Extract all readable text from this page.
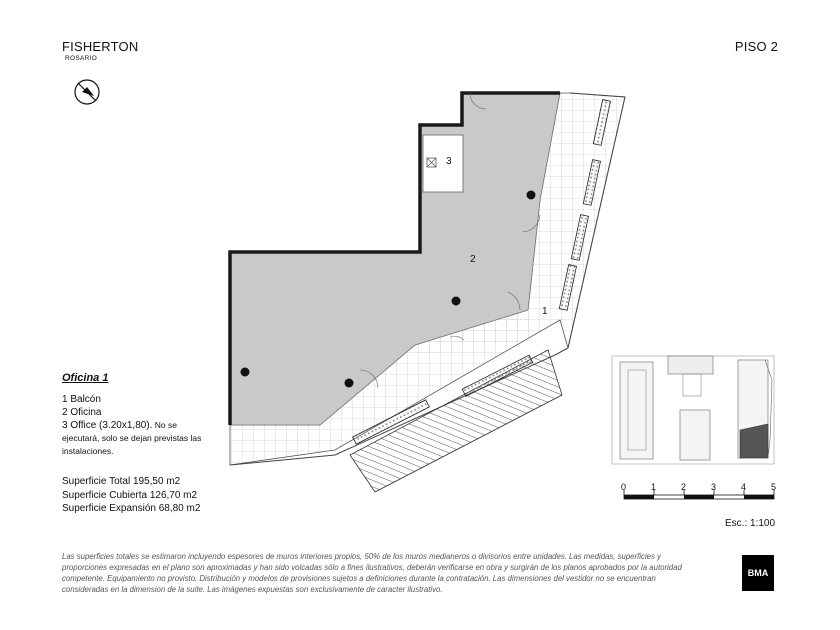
FISHERTON
ROSARIO
PISO 2
1
2
3
0	1	2	3	4	5
Oficina 1
1 Balcón
2 Oficina
3 Office (3.20x1,80). No se ejecutará, solo se dejan previstas las instalaciones.
Superficie Total 195,50 m2
Superficie Cubierta 126,70 m2
Superficie Expansión 68,80 m2
Esc.: 1:100
Las superficies totales se estimaron incluyendo espesores de muros interiores propios, 50% de los muros medianeros o divisorios entre unidades. Las medidas, superficies y proporciones expresadas en el plano son aproximadas y han sido volcadas sólo a fines ilustrativos, deberán verificarse en obra y surgirán de los planos aprobados por la autoridad competente. Equipamiento no provisto. Distribución y modelos de provisiones sujetos a definiciones durante la contratación. Las dimensiones del vestidor no se encuentran consideradas en la dimension de la suite. Las imágenes expuestas son exclusivamente de caracter ilustrativo.
BMA
